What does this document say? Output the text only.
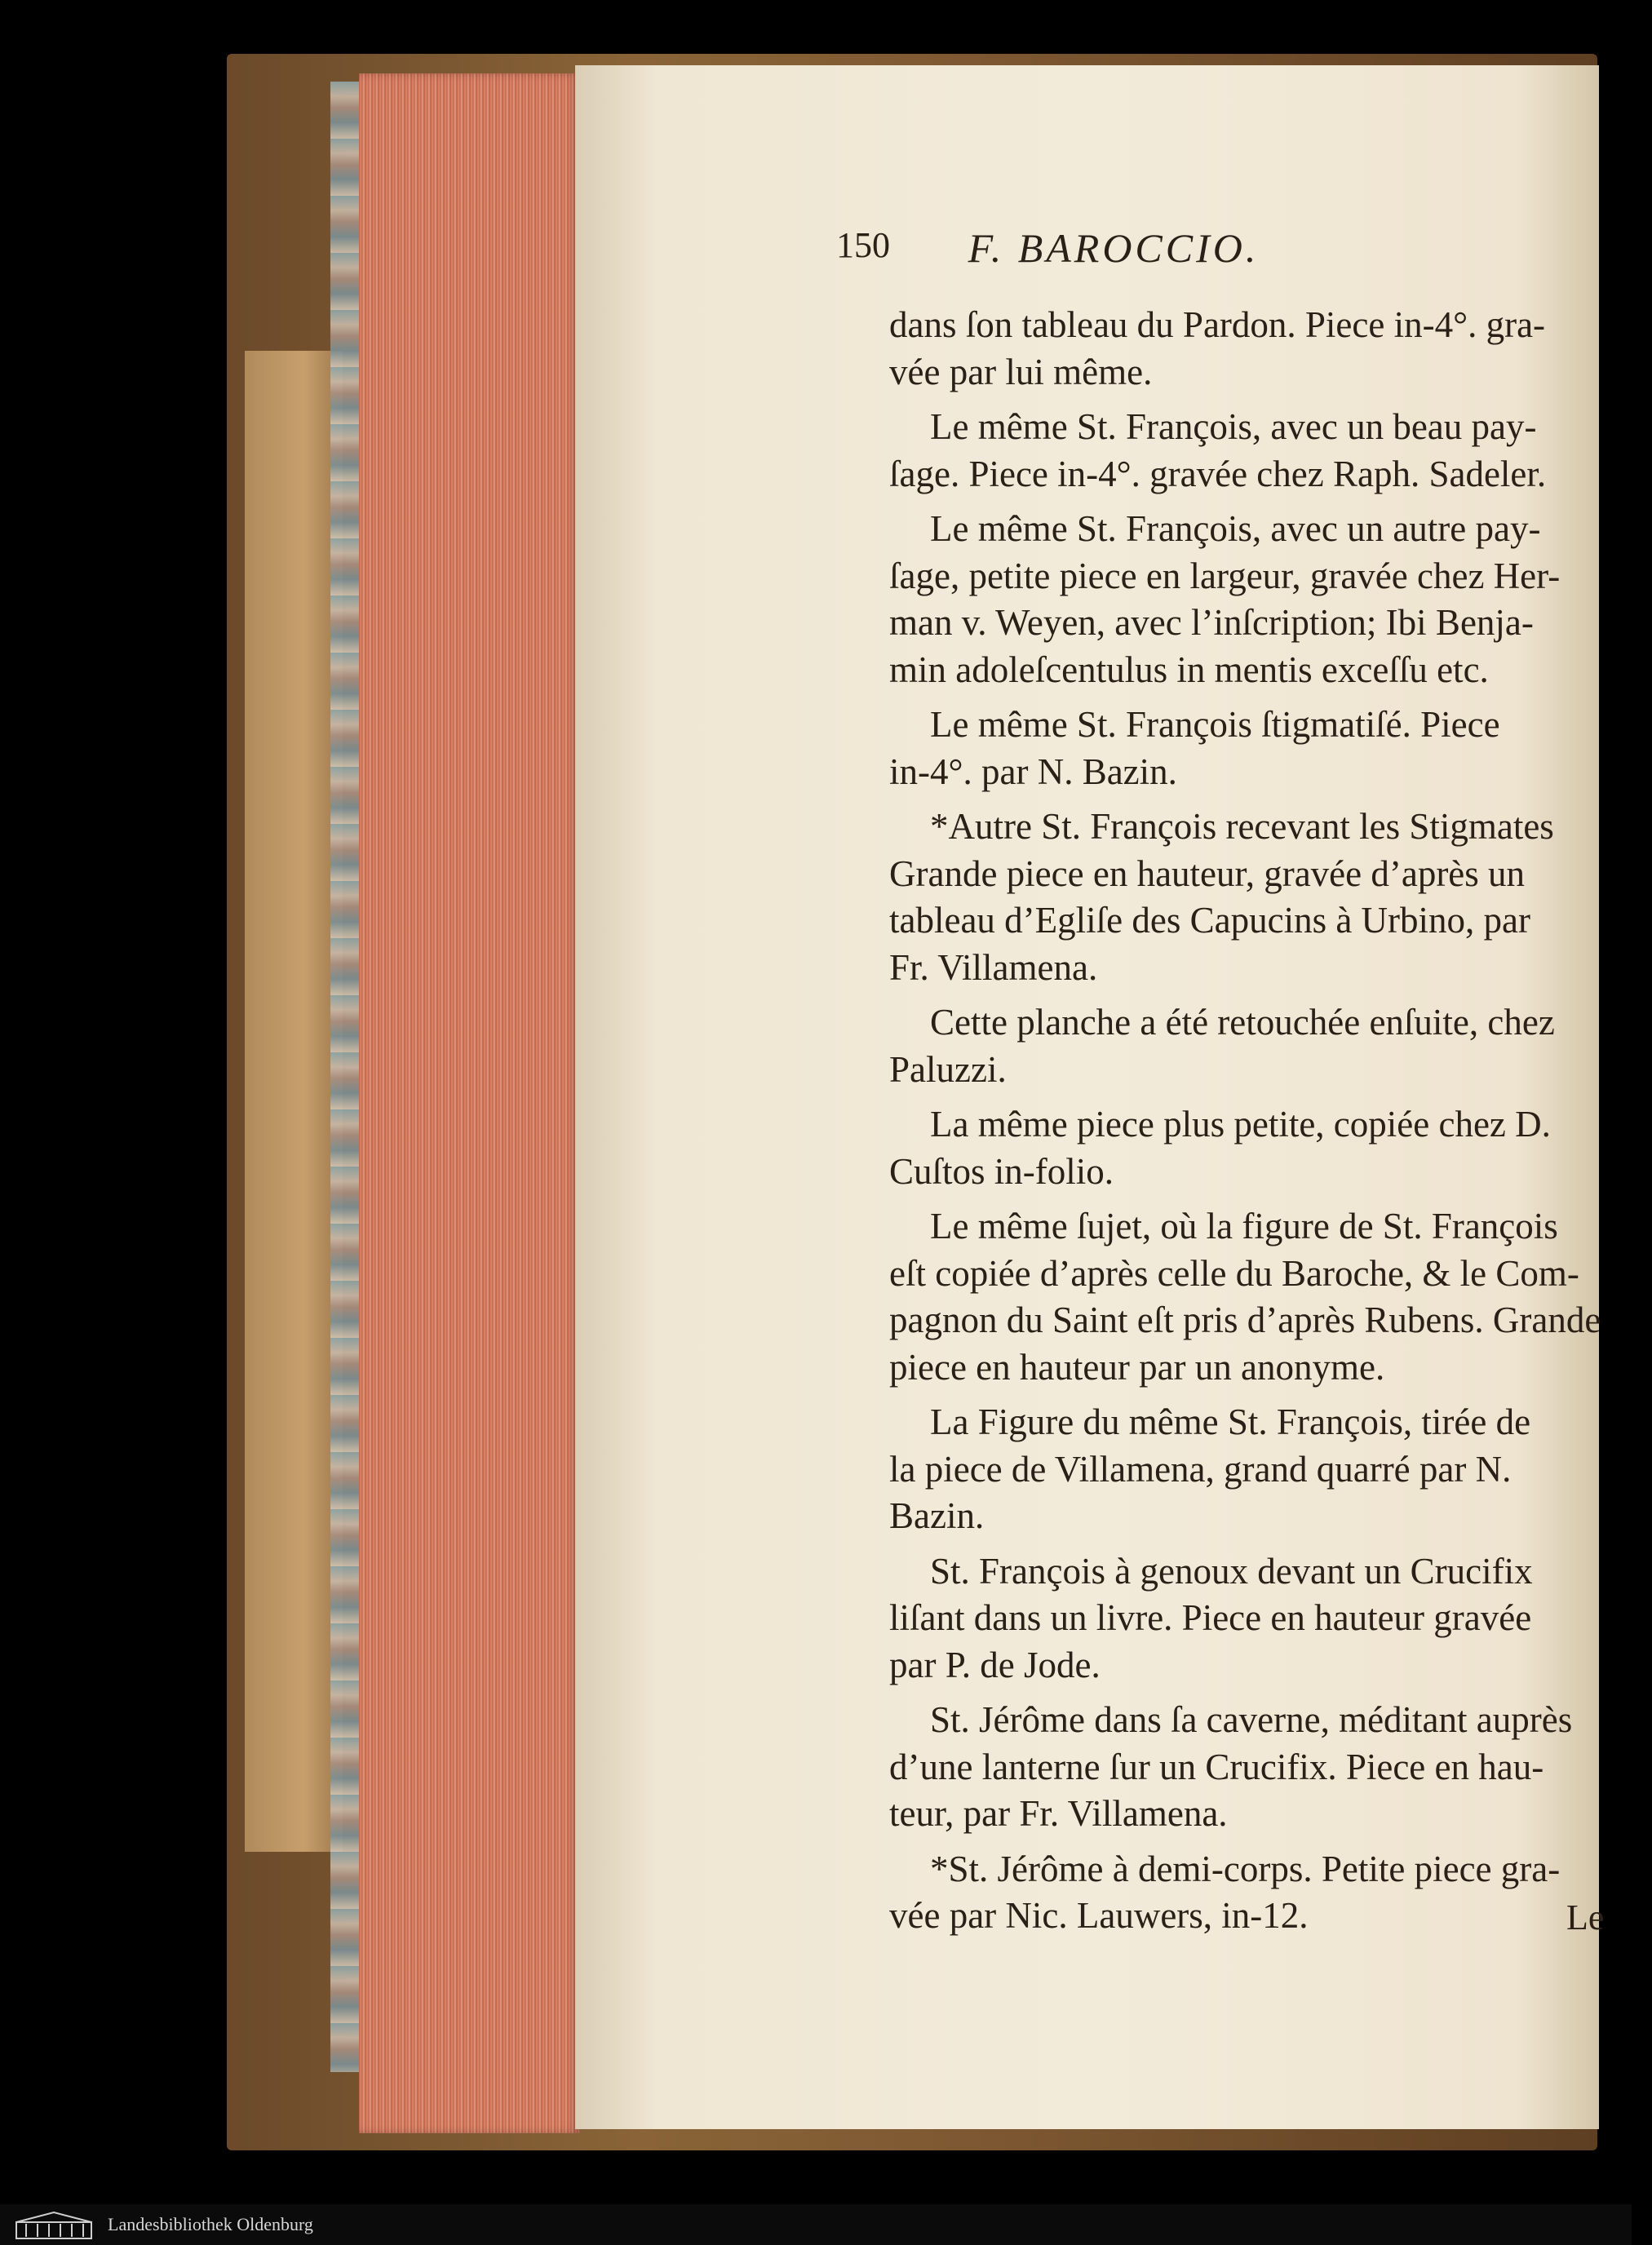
150	F. BAROCCIO.
dans ſon tableau du Pardon. Piece in-4°. gra-
vée par lui même.
Le même St. François, avec un beau pay-
ſage. Piece in-4°. gravée chez Raph. Sadeler.
Le même St. François, avec un autre pay-
ſage, petite piece en largeur, gravée chez Her-
man v. Weyen, avec l’inſcription; Ibi Benja-
min adoleſcentulus in mentis exceſſu etc.
Le même St. François ſtigmatiſé. Piece
in-4°. par N. Bazin.
*Autre St. François recevant les Stigmates
Grande piece en hauteur, gravée d’après un
tableau d’Egliſe des Capucins à Urbino, par
Fr. Villamena.
Cette planche a été retouchée enſuite, chez
Paluzzi.
La même piece plus petite, copiée chez D.
Cuſtos in-folio.
Le même ſujet, où la figure de St. François
eſt copiée d’après celle du Baroche, & le Com-
pagnon du Saint eſt pris d’après Rubens. Grande
piece en hauteur par un anonyme.
La Figure du même St. François, tirée de
la piece de Villamena, grand quarré par N.
Bazin.
St. François à genoux devant un Crucifix
liſant dans un livre. Piece en hauteur gravée
par P. de Jode.
St. Jérôme dans ſa caverne, méditant auprès
d’une lanterne ſur un Crucifix. Piece en hau-
teur, par Fr. Villamena.
*St. Jérôme à demi-corps. Petite piece gra-
vée par Nic. Lauwers, in-12.	Le
Landesbibliothek Oldenburg
